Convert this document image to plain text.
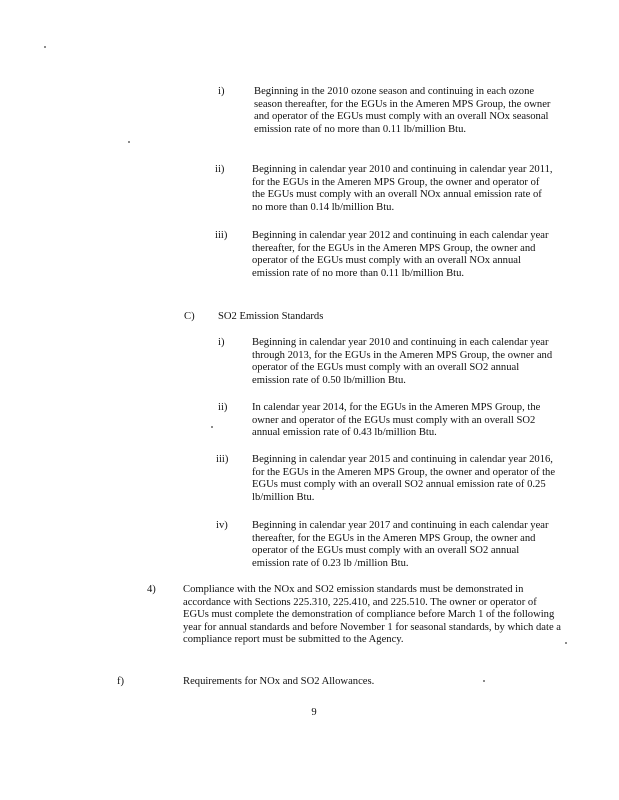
i)	Beginning in the 2010 ozone season and continuing in each ozone season thereafter, for the EGUs in the Ameren MPS Group, the owner and operator of the EGUs must comply with an overall NOx seasonal emission rate of no more than 0.11 lb/million Btu.
ii)	Beginning in calendar year 2010 and continuing in calendar year 2011, for the EGUs in the Ameren MPS Group, the owner and operator of the EGUs must comply with an overall NOx annual emission rate of no more than 0.14 lb/million Btu.
iii) Beginning in calendar year 2012 and continuing in each calendar year thereafter, for the EGUs in the Ameren MPS Group, the owner and operator of the EGUs must comply with an overall NOx annual emission rate of no more than 0.11 lb/million Btu.
C) SO2 Emission Standards
i)	Beginning in calendar year 2010 and continuing in each calendar year through 2013, for the EGUs in the Ameren MPS Group, the owner and operator of the EGUs must comply with an overall SO2 annual emission rate of 0.50 lb/million Btu.
ii) In calendar year 2014, for the EGUs in the Ameren MPS Group, the owner and operator of the EGUs must comply with an overall SO2 annual emission rate of 0.43 lb/million Btu.
iii) Beginning in calendar year 2015 and continuing in calendar year 2016, for the EGUs in the Ameren MPS Group, the owner and operator of the EGUs must comply with an overall SO2 annual emission rate of 0.25 lb/million Btu.
iv) Beginning in calendar year 2017 and continuing in each calendar year thereafter, for the EGUs in the Ameren MPS Group, the owner and operator of the EGUs must comply with an overall SO2 annual emission rate of 0.23 lb /million Btu.
4)	Compliance with the NOx and SO2 emission standards must be demonstrated in accordance with Sections 225.310, 225.410, and 225.510. The owner or operator of EGUs must complete the demonstration of compliance before March 1 of the following year for annual standards and before November 1 for seasonal standards, by which date a compliance report must be submitted to the Agency.
f)	Requirements for NOx and SO2 Allowances.
9
